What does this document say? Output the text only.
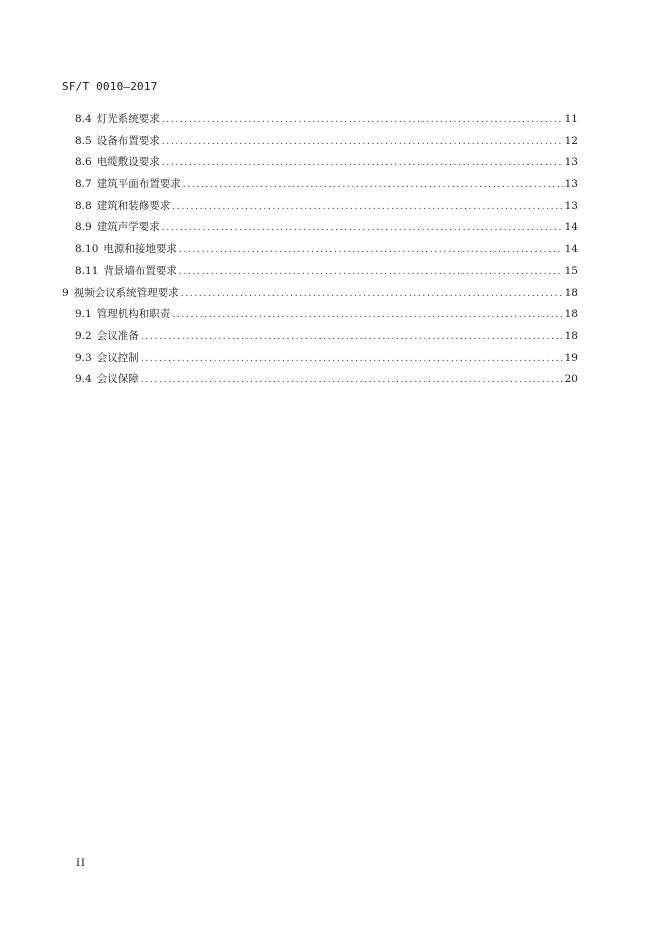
SF/T 0010—2017
8.4 灯光系统要求 .....	11
8.5 设备布置要求 .....	12
8.6 电缆敷设要求 .....	13
8.7 建筑平面布置要求 .....	13
8.8 建筑和装修要求 .....	13
8.9 建筑声学要求 .....	14
8.10 电源和接地要求 .....	14
8.11 背景墙布置要求 .....	15
9 视频会议系统管理要求 .....	18
9.1 管理机构和职责 .....	18
9.2 会议准备 .....	18
9.3 会议控制 .....	19
9.4 会议保障 .....	20
II
